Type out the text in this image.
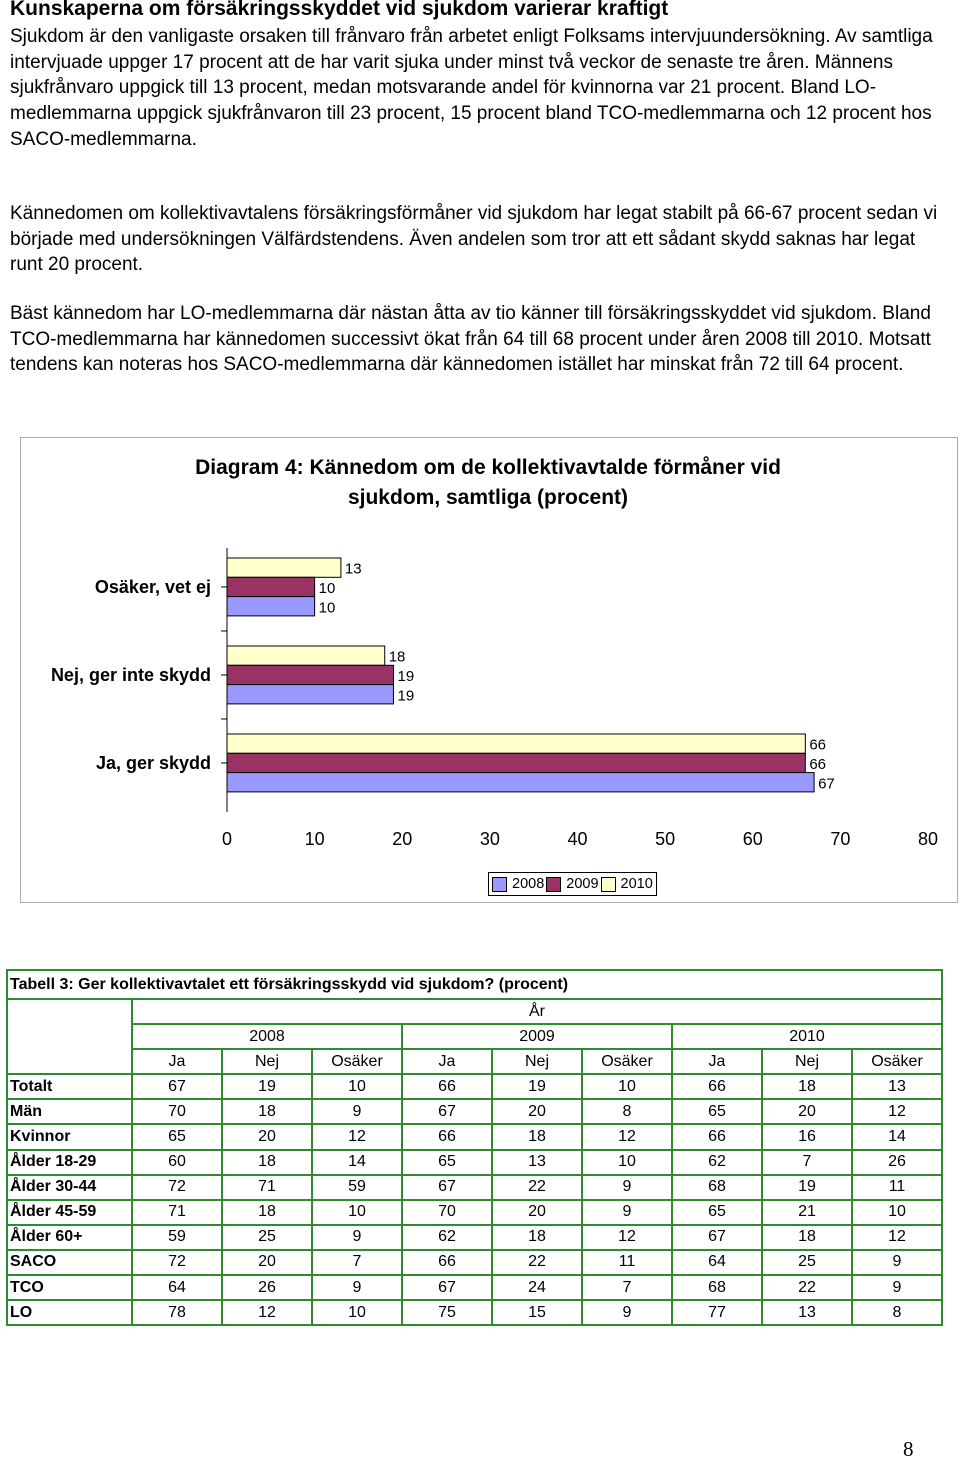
Kunskaperna om försäkringsskyddet vid sjukdom varierar kraftigt

Sjukdom är den vanligaste orsaken till frånvaro från arbetet enligt Folksams intervjuundersökning. Av samtliga intervjuade uppger 17 procent att de har varit sjuka under minst två veckor de senaste tre åren. Männens sjukfrånvaro uppgick till 13 procent, medan motsvarande andel för kvinnorna var 21 procent. Bland LO-medlemmarna uppgick sjukfrånvaron till 23 procent, 15 procent bland TCO-medlemmarna och 12 procent hos SACO-medlemmarna.

Kännedomen om kollektivavtalens försäkringsförmåner vid sjukdom har legat stabilt på 66-67 procent sedan vi började med undersökningen Välfärdstendens. Även andelen som tror att ett sådant skydd saknas har legat runt 20 procent.

Bäst kännedom har LO-medlemmarna där nästan åtta av tio känner till försäkringsskyddet vid sjukdom. Bland TCO-medlemmarna har kännedomen successivt ökat från 64 till 68 procent under åren 2008 till 2010. Motsatt tendens kan noteras hos SACO-medlemmarna där kännedomen istället har minskat från 72 till 64 procent.

Diagram 4: Kännedom om de kollektivavtalde förmåner vid
sjukdom, samtliga (procent)
Osäker, vet ej
13
10
10
Nej, ger inte skydd
18
19
19
Ja, ger skydd
66
66
67
0	10	20	30	40	50	60	70	80
2008 2009 2010
Tabell 3: Ger kollektivavtalet ett försäkringsskydd vid sjukdom? (procent)									
	År								
	2008			2009			2010		
	Ja	Nej	Osäker	Ja	Nej	Osäker	Ja	Nej	Osäker
Totalt	67	19	10	66	19	10	66	18	13
Män	70	18	9	67	20	8	65	20	12
Kvinnor	65	20	12	66	18	12	66	16	14
Ålder 18-29	60	18	14	65	13	10	62	7	26
Ålder 30-44	72	71	59	67	22	9	68	19	11
Ålder 45-59	71	18	10	70	20	9	65	21	10
Ålder 60+	59	25	9	62	18	12	67	18	12
SACO	72	20	7	66	22	11	64	25	9
TCO	64	26	9	67	24	7	68	22	9
LO	78	12	10	75	15	9	77	13	8
8
